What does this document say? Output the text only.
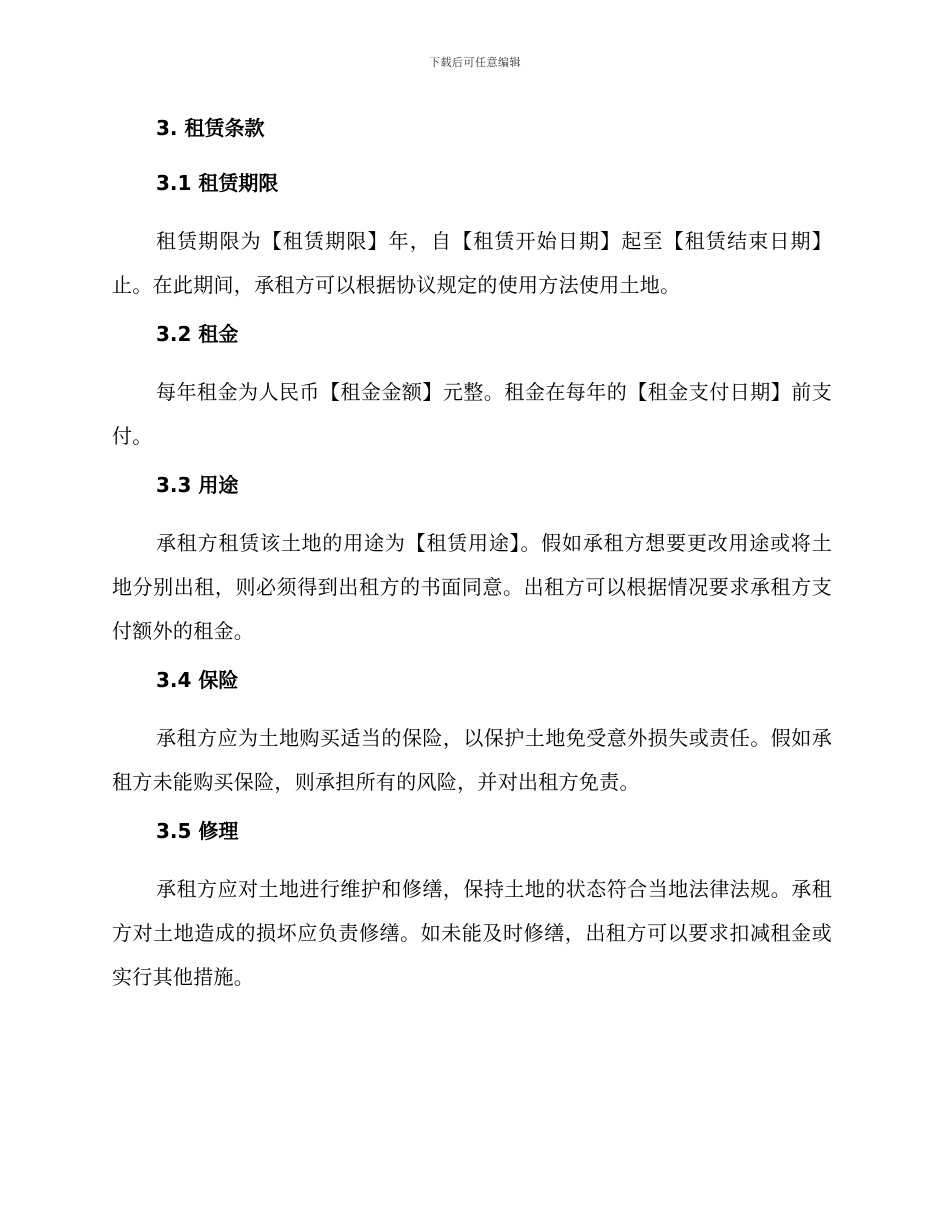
下载后可任意编辑
3. 租赁条款
3.1 租赁期限

租赁期限为【租赁期限】年，自【租赁开始日期】起至【租赁结束日期】止。在此期间，承租方可以根据协议规定的使用方法使用土地。

3.2 租金

每年租金为人民币【租金金额】元整。租金在每年的【租金支付日期】前支付。

3.3 用途

承租方租赁该土地的用途为【租赁用途】。假如承租方想要更改用途或将土地分别出租，则必须得到出租方的书面同意。出租方可以根据情况要求承租方支付额外的租金。

3.4 保险

承租方应为土地购买适当的保险，以保护土地免受意外损失或责任。假如承租方未能购买保险，则承担所有的风险，并对出租方免责。

3.5 修理

承租方应对土地进行维护和修缮，保持土地的状态符合当地法律法规。承租方对土地造成的损坏应负责修缮。如未能及时修缮，出租方可以要求扣减租金或实行其他措施。
